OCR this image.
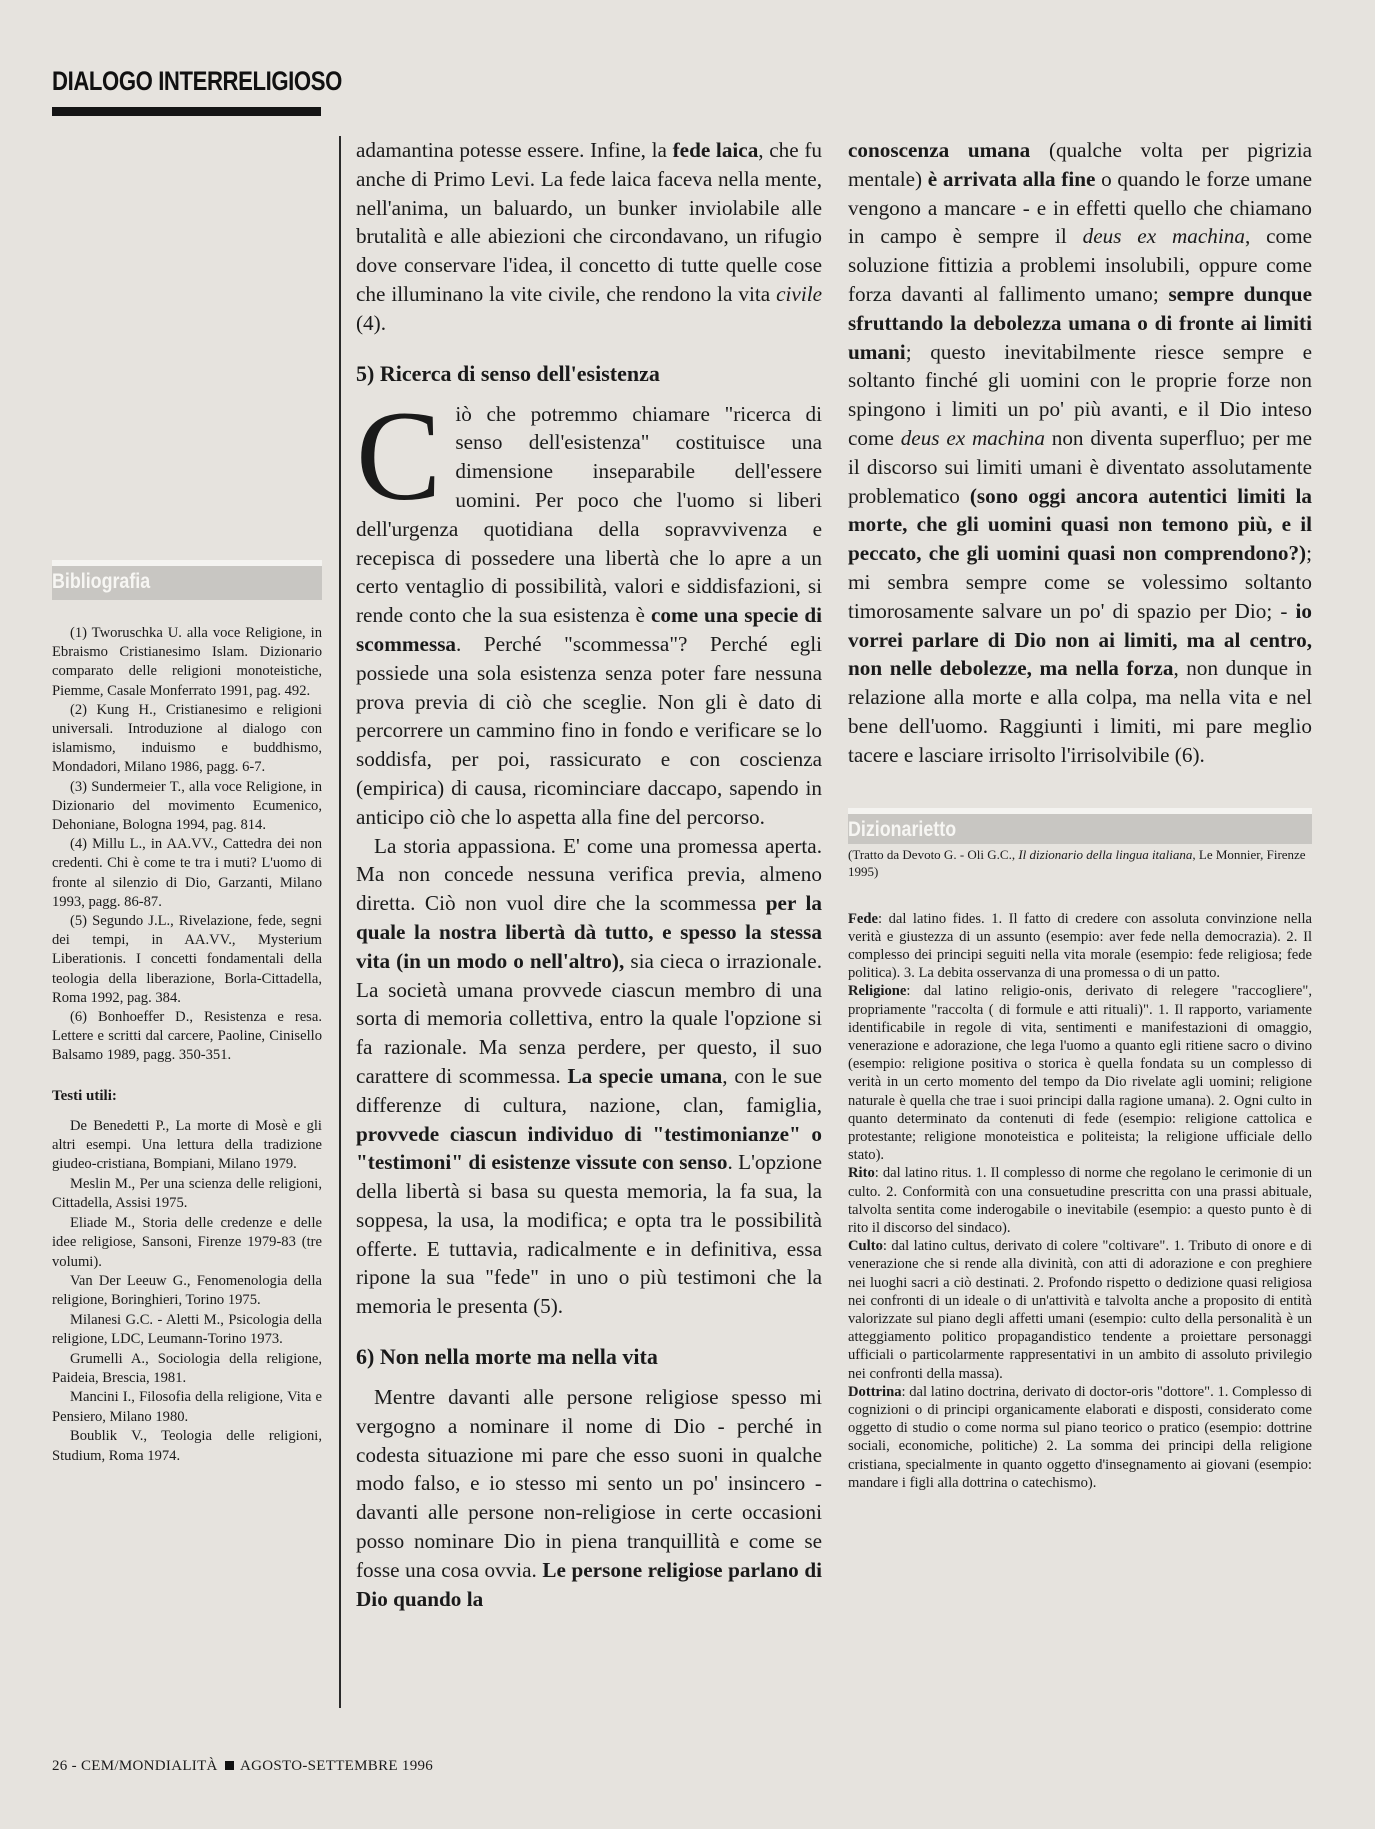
DIALOGO INTERRELIGIOSO
Bibliografia

(1) Tworuschka U. alla voce Religione, in Ebraismo Cristianesimo Islam. Dizionario comparato delle religioni monoteistiche, Piemme, Casale Monferrato 1991, pag. 492.

(2) Kung H., Cristianesimo e religioni universali. Introduzione al dialogo con islamismo, induismo e buddhismo, Mondadori, Milano 1986, pagg. 6-7.

(3) Sundermeier T., alla voce Religione, in Dizionario del movimento Ecumenico, Dehoniane, Bologna 1994, pag. 814.

(4) Millu L., in AA.VV., Cattedra dei non credenti. Chi è come te tra i muti? L'uomo di fronte al silenzio di Dio, Garzanti, Milano 1993, pagg. 86-87.

(5) Segundo J.L., Rivelazione, fede, segni dei tempi, in AA.VV., Mysterium Liberationis. I concetti fondamentali della teologia della liberazione, Borla-Cittadella, Roma 1992, pag. 384.

(6) Bonhoeffer D., Resistenza e resa. Lettere e scritti dal carcere, Paoline, Cinisello Balsamo 1989, pagg. 350-351.

Testi utili:

De Benedetti P., La morte di Mosè e gli altri esempi. Una lettura della tradizione giudeo-cristiana, Bompiani, Milano 1979.

Meslin M., Per una scienza delle religioni, Cittadella, Assisi 1975.

Eliade M., Storia delle credenze e delle idee religiose, Sansoni, Firenze 1979-83 (tre volumi).

Van Der Leeuw G., Fenomenologia della religione, Boringhieri, Torino 1975.

Milanesi G.C. - Aletti M., Psicologia della religione, LDC, Leumann-Torino 1973.

Grumelli A., Sociologia della religione, Paideia, Brescia, 1981.

Mancini I., Filosofia della religione, Vita e Pensiero, Milano 1980.

Boublik V., Teologia delle religioni, Studium, Roma 1974.

adamantina potesse essere. Infine, la fede laica, che fu anche di Primo Levi. La fede laica faceva nella mente, nell'anima, un baluardo, un bunker inviolabile alle brutalità e alle abiezioni che circondavano, un rifugio dove conservare l'idea, il concetto di tutte quelle cose che illuminano la vite civile, che rendono la vita civile (4).

5) Ricerca di senso dell'esistenza

Ciò che potremmo chiamare "ricerca di senso dell'esistenza" costituisce una dimensione inseparabile dell'essere uomini. Per poco che l'uomo si liberi dell'urgenza quotidiana della sopravvivenza e recepisca di possedere una libertà che lo apre a un certo ventaglio di possibilità, valori e siddisfazioni, si rende conto che la sua esistenza è come una specie di scommessa. Perché "scommessa"? Perché egli possiede una sola esistenza senza poter fare nessuna prova previa di ciò che sceglie. Non gli è dato di percorrere un cammino fino in fondo e verificare se lo soddisfa, per poi, rassicurato e con coscienza (empirica) di causa, ricominciare daccapo, sapendo in anticipo ciò che lo aspetta alla fine del percorso.

La storia appassiona. E' come una promessa aperta. Ma non concede nessuna verifica previa, almeno diretta. Ciò non vuol dire che la scommessa per la quale la nostra libertà dà tutto, e spesso la stessa vita (in un modo o nell'altro), sia cieca o irrazionale. La società umana provvede ciascun membro di una sorta di memoria collettiva, entro la quale l'opzione si fa razionale. Ma senza perdere, per questo, il suo carattere di scommessa. La specie umana, con le sue differenze di cultura, nazione, clan, famiglia, provvede ciascun individuo di "testimonianze" o "testimoni" di esistenze vissute con senso. L'opzione della libertà si basa su questa memoria, la fa sua, la soppesa, la usa, la modifica; e opta tra le possibilità offerte. E tuttavia, radicalmente e in definitiva, essa ripone la sua "fede" in uno o più testimoni che la memoria le presenta (5).

6) Non nella morte ma nella vita

Mentre davanti alle persone religiose spesso mi vergogno a nominare il nome di Dio - perché in codesta situazione mi pare che esso suoni in qualche modo falso, e io stesso mi sento un po' insincero - davanti alle persone non-religiose in certe occasioni posso nominare Dio in piena tranquillità e come se fosse una cosa ovvia. Le persone religiose parlano di Dio quando la

conoscenza umana (qualche volta per pigrizia mentale) è arrivata alla fine o quando le forze umane vengono a mancare - e in effetti quello che chiamano in campo è sempre il deus ex machina, come soluzione fittizia a problemi insolubili, oppure come forza davanti al fallimento umano; sempre dunque sfruttando la debolezza umana o di fronte ai limiti umani; questo inevitabilmente riesce sempre e soltanto finché gli uomini con le proprie forze non spingono i limiti un po' più avanti, e il Dio inteso come deus ex machina non diventa superfluo; per me il discorso sui limiti umani è diventato assolutamente problematico (sono oggi ancora autentici limiti la morte, che gli uomini quasi non temono più, e il peccato, che gli uomini quasi non comprendono?); mi sembra sempre come se volessimo soltanto timorosamente salvare un po' di spazio per Dio; - io vorrei parlare di Dio non ai limiti, ma al centro, non nelle debolezze, ma nella forza, non dunque in relazione alla morte e alla colpa, ma nella vita e nel bene dell'uomo. Raggiunti i limiti, mi pare meglio tacere e lasciare irrisolto l'irrisolvibile (6).

Dizionarietto
(Tratto da Devoto G. - Oli G.C., Il dizionario della lingua italiana, Le Monnier, Firenze 1995)

Fede: dal latino fides. 1. Il fatto di credere con assoluta convinzione nella verità e giustezza di un assunto (esempio: aver fede nella democrazia). 2. Il complesso dei principi seguiti nella vita morale (esempio: fede religiosa; fede politica). 3. La debita osservanza di una promessa o di un patto.

Religione: dal latino religio-onis, derivato di relegere "raccogliere", propriamente "raccolta ( di formule e atti rituali)". 1. Il rapporto, variamente identificabile in regole di vita, sentimenti e manifestazioni di omaggio, venerazione e adorazione, che lega l'uomo a quanto egli ritiene sacro o divino (esempio: religione positiva o storica è quella fondata su un complesso di verità in un certo momento del tempo da Dio rivelate agli uomini; religione naturale è quella che trae i suoi principi dalla ragione umana). 2. Ogni culto in quanto determinato da contenuti di fede (esempio: religione cattolica e protestante; religione monoteistica e politeista; la religione ufficiale dello stato).

Rito: dal latino ritus. 1. Il complesso di norme che regolano le cerimonie di un culto. 2. Conformità con una consuetudine prescritta con una prassi abituale, talvolta sentita come inderogabile o inevitabile (esempio: a questo punto è di rito il discorso del sindaco).

Culto: dal latino cultus, derivato di colere "coltivare". 1. Tributo di onore e di venerazione che si rende alla divinità, con atti di adorazione e con preghiere nei luoghi sacri a ciò destinati. 2. Profondo rispetto o dedizione quasi religiosa nei confronti di un ideale o di un'attività e talvolta anche a proposito di entità valorizzate sul piano degli affetti umani (esempio: culto della personalità è un atteggiamento politico propagandistico tendente a proiettare personaggi ufficiali o particolarmente rappresentativi in un ambito di assoluto privilegio nei confronti della massa).

Dottrina: dal latino doctrina, derivato di doctor-oris "dottore". 1. Complesso di cognizioni o di principi organicamente elaborati e disposti, considerato come oggetto di studio o come norma sul piano teorico o pratico (esempio: dottrine sociali, economiche, politiche) 2. La somma dei principi della religione cristiana, specialmente in quanto oggetto d'insegnamento ai giovani (esempio: mandare i figli alla dottrina o catechismo).

26 - CEM/MONDIALITÀ AGOSTO-SETTEMBRE 1996
